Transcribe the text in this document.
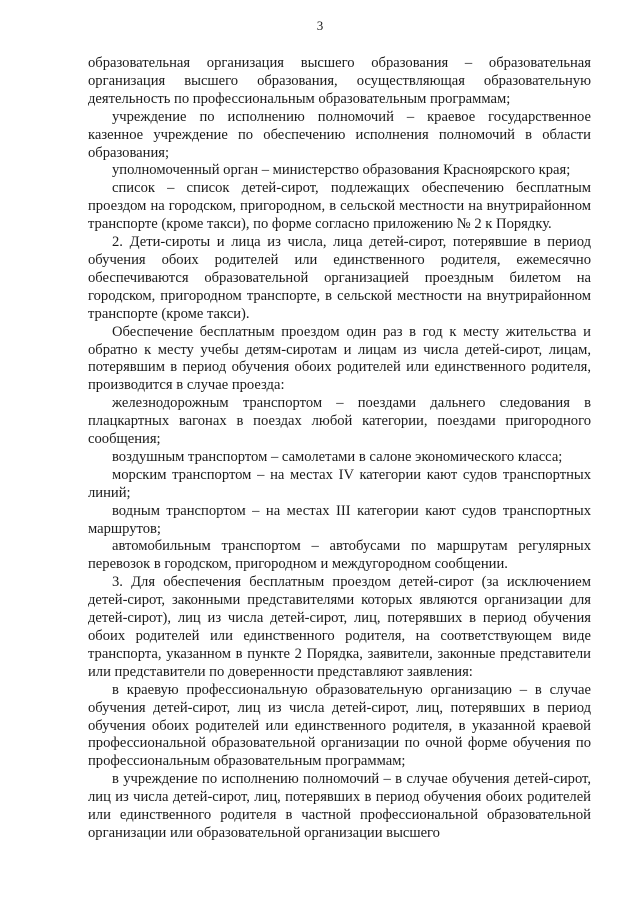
3

образовательная организация высшего образования – образовательная организация высшего образования, осуществляющая образовательную деятельность по профессиональным образовательным программам;

учреждение по исполнению полномочий – краевое государственное казенное учреждение по обеспечению исполнения полномочий в области образования;

уполномоченный орган – министерство образования Красноярского края;

список – список детей-сирот, подлежащих обеспечению бесплатным проездом на городском, пригородном, в сельской местности на внутрирайонном транспорте (кроме такси), по форме согласно приложению № 2 к Порядку.

2. Дети-сироты и лица из числа, лица детей-сирот, потерявшие в период обучения обоих родителей или единственного родителя, ежемесячно обеспечиваются образовательной организацией проездным билетом на городском, пригородном транспорте, в сельской местности на внутрирайонном транспорте (кроме такси).

Обеспечение бесплатным проездом один раз в год к месту жительства и обратно к месту учебы детям-сиротам и лицам из числа детей-сирот, лицам, потерявшим в период обучения обоих родителей или единственного родителя, производится в случае проезда:

железнодорожным транспортом – поездами дальнего следования в плацкартных вагонах в поездах любой категории, поездами пригородного сообщения;

воздушным транспортом – самолетами в салоне экономического класса;

морским транспортом – на местах IV категории кают судов транспортных линий;

водным транспортом – на местах III категории кают судов транспортных маршрутов;

автомобильным транспортом – автобусами по маршрутам регулярных перевозок в городском, пригородном и междугородном сообщении.

3. Для обеспечения бесплатным проездом детей-сирот (за исключением детей-сирот, законными представителями которых являются организации для детей-сирот), лиц из числа детей-сирот, лиц, потерявших в период обучения обоих родителей или единственного родителя, на соответствующем виде транспорта, указанном в пункте 2 Порядка, заявители, законные представители или представители по доверенности представляют заявления:

в краевую профессиональную образовательную организацию – в случае обучения детей-сирот, лиц из числа детей-сирот, лиц, потерявших в период обучения обоих родителей или единственного родителя, в указанной краевой профессиональной образовательной организации по очной форме обучения по профессиональным образовательным программам;

в учреждение по исполнению полномочий – в случае обучения детей-сирот, лиц из числа детей-сирот, лиц, потерявших в период обучения обоих родителей или единственного родителя в частной профессиональной образовательной организации или образовательной организации высшего
